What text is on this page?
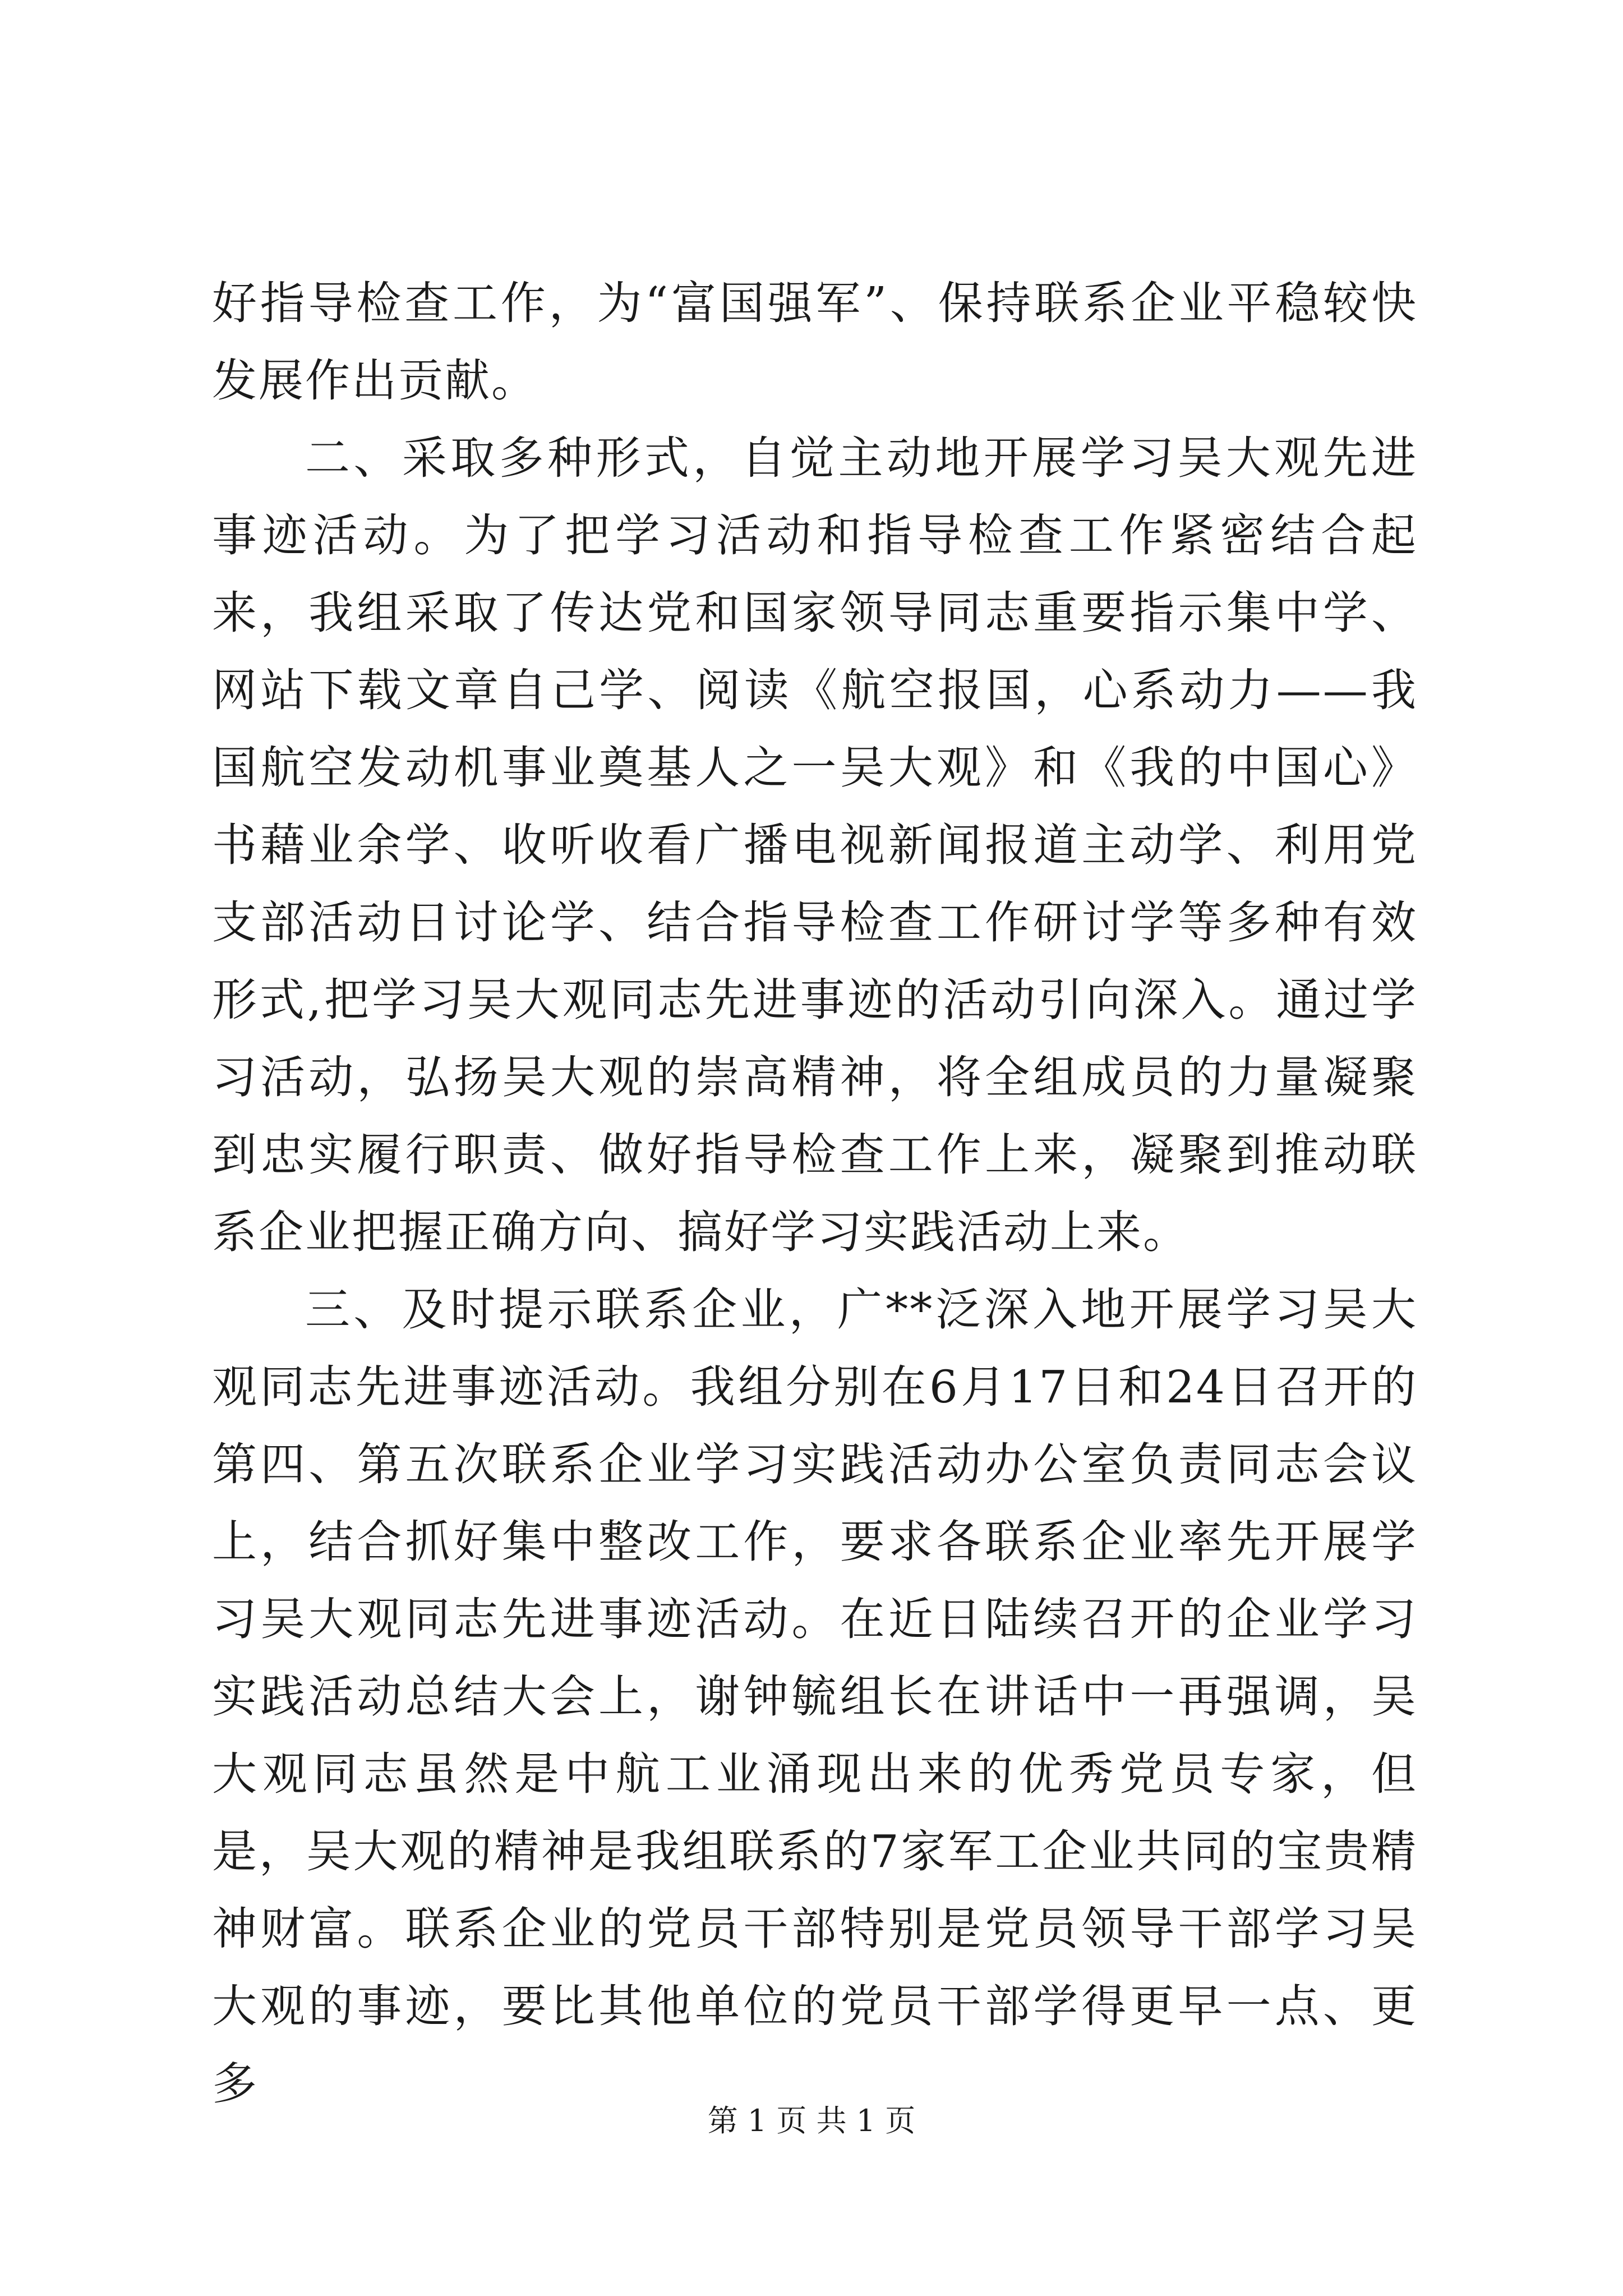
好指导检查工作，为“富国强军”、保持联系企业平稳较快发展作出贡献。

二、采取多种形式，自觉主动地开展学习吴大观先进事迹活动。为了把学习活动和指导检查工作紧密结合起来，我组采取了传达党和国家领导同志重要指示集中学、网站下载文章自己学、阅读《航空报国，心系动力——我国航空发动机事业奠基人之一吴大观》和《我的中国心》书藉业余学、收听收看广播电视新闻报道主动学、利用党支部活动日讨论学、结合指导检查工作研讨学等多种有效形式,把学习吴大观同志先进事迹的活动引向深入。通过学习活动，弘扬吴大观的崇高精神，将全组成员的力量凝聚到忠实履行职责、做好指导检查工作上来，凝聚到推动联系企业把握正确方向、搞好学习实践活动上来。

三、及时提示联系企业，广**泛深入地开展学习吴大观同志先进事迹活动。我组分别在6月17日和24日召开的第四、第五次联系企业学习实践活动办公室负责同志会议上，结合抓好集中整改工作，要求各联系企业率先开展学习吴大观同志先进事迹活动。在近日陆续召开的企业学习实践活动总结大会上，谢钟毓组长在讲话中一再强调，吴大观同志虽然是中航工业涌现出来的优秀党员专家，但是，吴大观的精神是我组联系的7家军工企业共同的宝贵精神财富。联系企业的党员干部特别是党员领导干部学习吴大观的事迹，要比其他单位的党员干部学得更早一点、更多

第 1 页 共 1 页
